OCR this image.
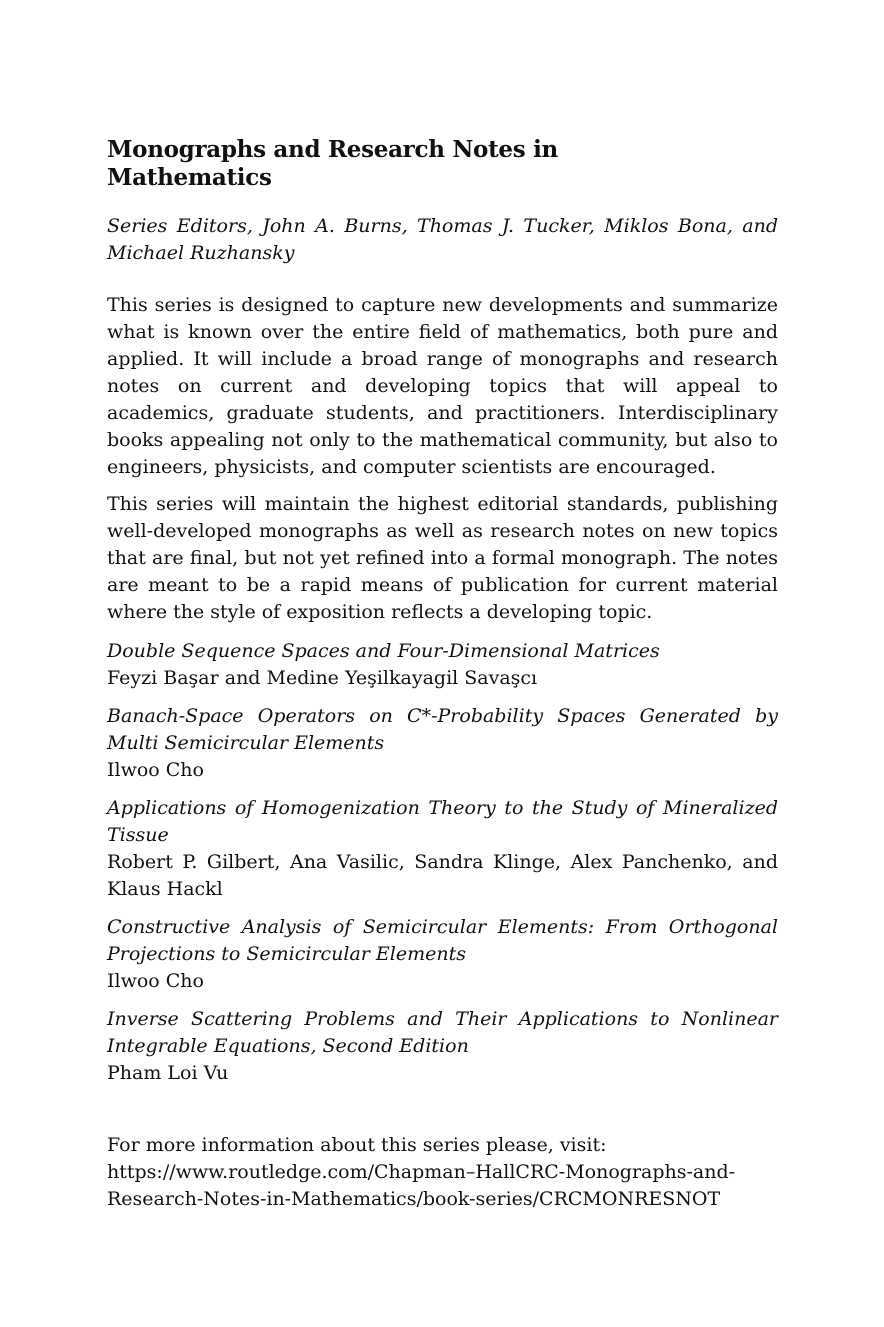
Monographs and Research Notes in
Mathematics

Series Editors, John A. Burns, Thomas J. Tucker, Miklos Bona, and Michael Ruzhansky

This series is designed to capture new developments and summarize what is known over the entire field of mathematics, both pure and applied. It will include a broad range of monographs and research notes on current and developing topics that will appeal to academics, graduate students, and practitioners. Interdisciplinary books appealing not only to the mathematical community, but also to engineers, physicists, and computer scientists are encouraged.

This series will maintain the highest editorial standards, publishing well-developed monographs as well as research notes on new topics that are final, but not yet refined into a formal monograph. The notes are meant to be a rapid means of publication for current material where the style of exposition reflects a developing topic.

Double Sequence Spaces and Four-Dimensional Matrices
Feyzi Başar and Medine Yeşilkayagil Savaşcı
Banach-Space Operators on C*-Probability Spaces Generated by Multi Semicircular Elements
Ilwoo Cho
Applications of Homogenization Theory to the Study of Mineralized Tissue
Robert P. Gilbert, Ana Vasilic, Sandra Klinge, Alex Panchenko, and Klaus Hackl
Constructive Analysis of Semicircular Elements: From Orthogonal Projections to Semicircular Elements
Ilwoo Cho
Inverse Scattering Problems and Their Applications to Nonlinear Integrable Equations, Second Edition
Pham Loi Vu
For more information about this series please, visit:
https://www.routledge.com/Chapman–HallCRC-Monographs-and-
Research-Notes-in-Mathematics/book-series/CRCMONRESNOT
